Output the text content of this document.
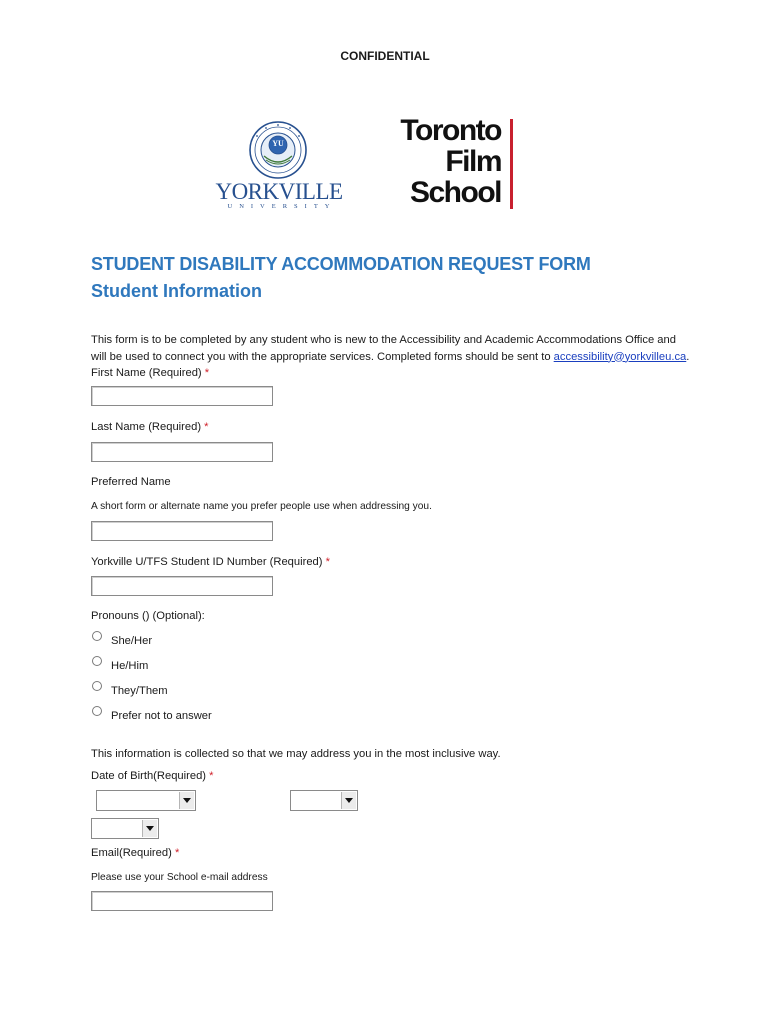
CONFIDENTIAL
YU
YORKVILLE
UNIVERSITY
Toronto
Film
School
STUDENT DISABILITY ACCOMMODATION REQUEST FORM
Student Information
This form is to be completed by any student who is new to the Accessibility and Academic Accommodations Office and will be used to connect you with the appropriate services. Completed forms should be sent to accessibility@yorkvilleu.ca. First Name (Required) *
Last Name (Required) *
Preferred Name
A short form or alternate name you prefer people use when addressing you.
Yorkville U/TFS Student ID Number (Required) *
Pronouns () (Optional):
She/Her
He/Him
They/Them
Prefer not to answer
This information is collected so that we may address you in the most inclusive way.
Date of Birth(Required) *
Email(Required) *
Please use your School e-mail address
